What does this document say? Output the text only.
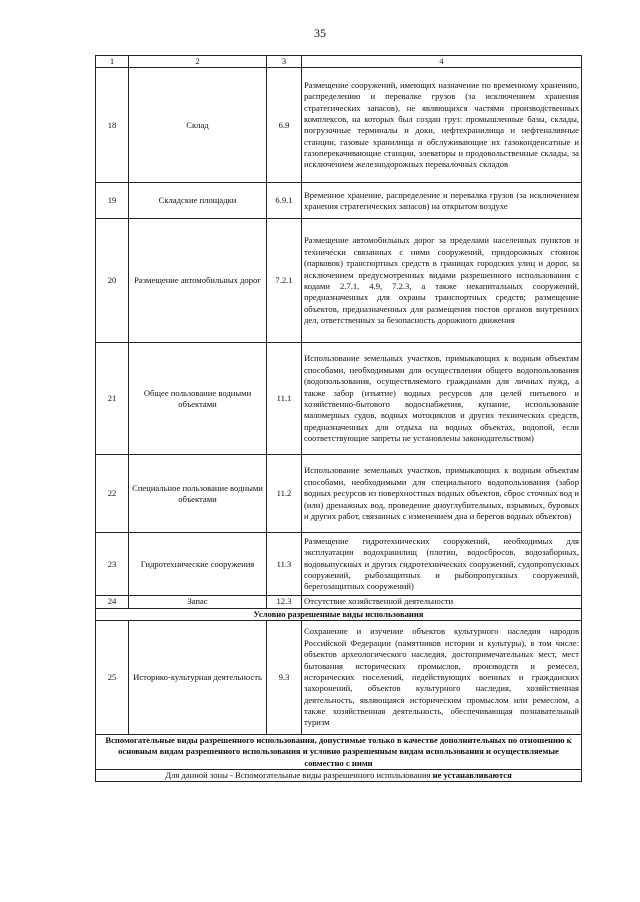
35
1	2	3	4
18	Склад	6.9	Размещение сооружений, имеющих назначение по временному хранению, распределению и перевалке грузов (за исключением хранения стратегических запасов), не являющихся частями производственных комплексов, на которых был создан груз: промышленные базы, склады, погрузочные терминалы и доки, нефтехранилища и нефтеналивные станции, газовые хранилища и обслуживающие их газоконденсатные и газоперекачивающие станции, элеваторы и продовольственные склады, за исключением железнодорожных перевалочных складов
19	Складские площадки	6.9.1	Временное хранение, распределение и перевалка грузов (за исключением хранения стратегических запасов) на открытом воздухе
20	Размещение автомобильных дорог	7.2.1	Размещение автомобильных дорог за пределами населенных пунктов и технически связанных с ними сооружений, придорожных стоянок (парковок) транспортных средств в границах городских улиц и дорог, за исключением предусмотренных видами разрешенного использования с кодами 2.7.1, 4.9, 7.2.3, а также некапитальных сооружений, предназначенных для охраны транспортных средств; размещение объектов, предназначенных для размещения постов органов внутренних дел, ответственных за безопасность дорожного движения
21	Общее пользование водными объектами	11.1	Использование земельных участков, примыкающих к водным объектам способами, необходимыми для осуществления общего водопользования (водопользования, осуществляемого гражданами для личных нужд, а также забор (изъятие) водных ресурсов для целей питьевого и хозяйственно-бытового водоснабжения, купание, использование маломерных судов, водных мотоциклов и других технических средств, предназначенных для отдыха на водных объектах, водопой, если соответствующие запреты не установлены законодательством)
22	Специальное пользование водными объектами	11.2	Использование земельных участков, примыкающих к водным объектам способами, необходимыми для специального водопользования (забор водных ресурсов из поверхностных водных объектов, сброс сточных вод и (или) дренажных вод, проведение дноуглубительных, взрывных, буровых и других работ, связанных с изменением дна и берегов водных объектов)
23	Гидротехнические сооружения	11.3	Размещение гидротехнических сооружений, необходимых для эксплуатации водохранилищ (плотин, водосбросов, водозаборных, водовыпускных и других гидротехнических сооружений, судопропускных сооружений, рыбозащитных и рыбопропускных сооружений, берегозащитных сооружений)
24	Запас	12.3	Отсутствие хозяйственной деятельности
Условно разрешенные виды использования			
25	Историко-культурная деятельность	9.3	Сохранение и изучение объектов культурного наследия народов Российской Федерации (памятников истории и культуры), в том числе: объектов археологического наследия, достопримечательных мест, мест бытования исторических промыслов, производств и ремесел, исторических поселений, недействующих военных и гражданских захоронений, объектов культурного наследия, хозяйственная деятельность, являющаяся историческим промыслом или ремеслом, а также хозяйственная деятельность, обеспечивающая познавательный туризм
Вспомогательные виды разрешенного использования, допустимые только в качестве дополнительных по отношению к основным видам разрешенного использования и условно разрешенным видам использования и осуществляемые совместно с ними			
Для данной зоны - Вспомогательные виды разрешенного использования не устанавливаются			
